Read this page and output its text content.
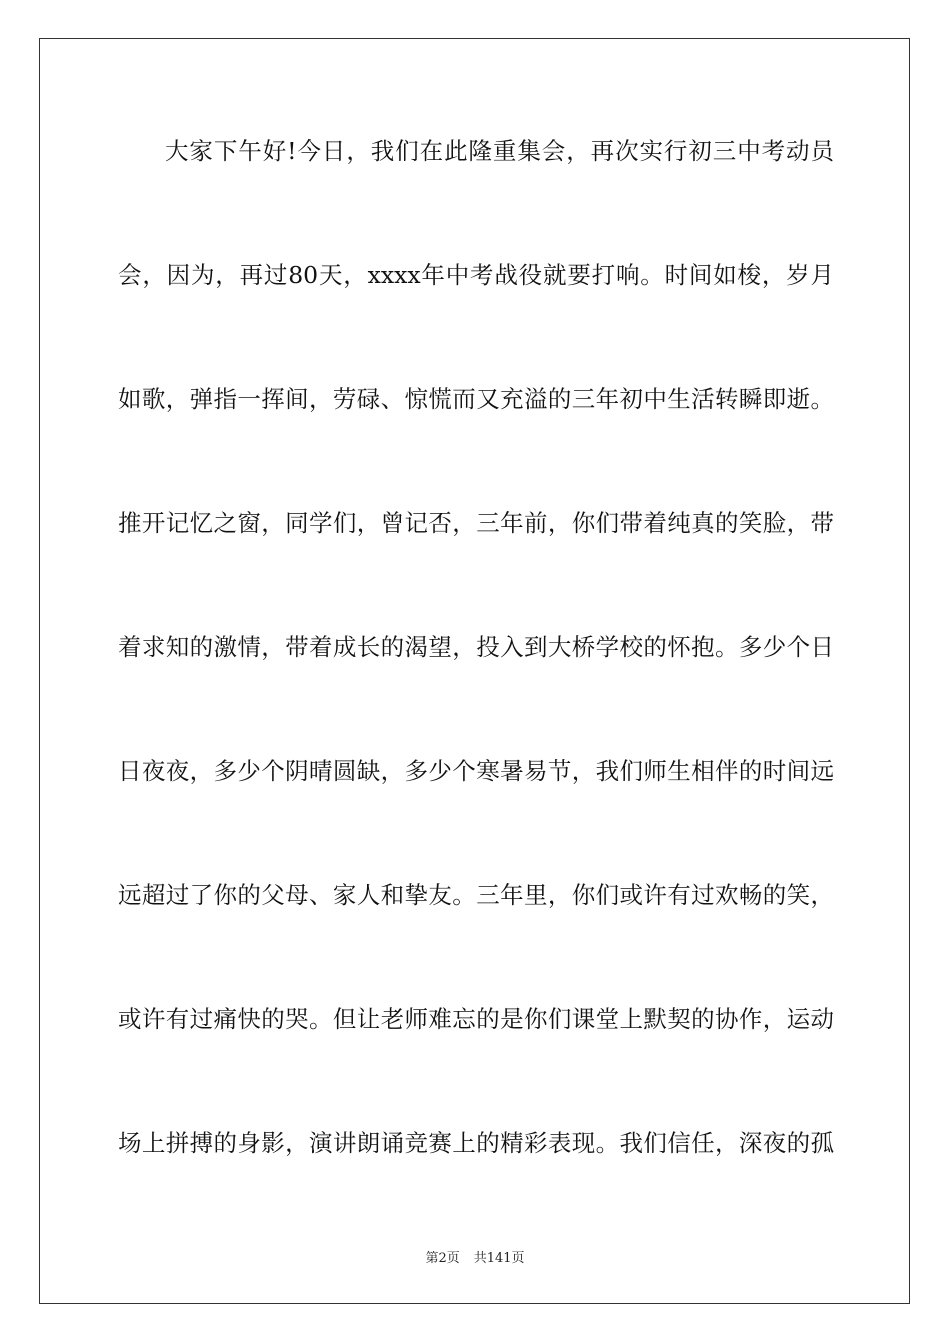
大家下午好!今日，我们在此隆重集会，再次实行初三中考动员
会，因为，再过80天，xxxx年中考战役就要打响。时间如梭，岁月
如歌，弹指一挥间，劳碌、惊慌而又充溢的三年初中生活转瞬即逝。
推开记忆之窗，同学们，曾记否，三年前，你们带着纯真的笑脸，带
着求知的激情，带着成长的渴望，投入到大桥学校的怀抱。多少个日
日夜夜，多少个阴晴圆缺，多少个寒暑易节，我们师生相伴的时间远
远超过了你的父母、家人和挚友。三年里，你们或许有过欢畅的笑，
或许有过痛快的哭。但让老师难忘的是你们课堂上默契的协作，运动
场上拼搏的身影，演讲朗诵竞赛上的精彩表现。我们信任，深夜的孤
第2页 共141页
